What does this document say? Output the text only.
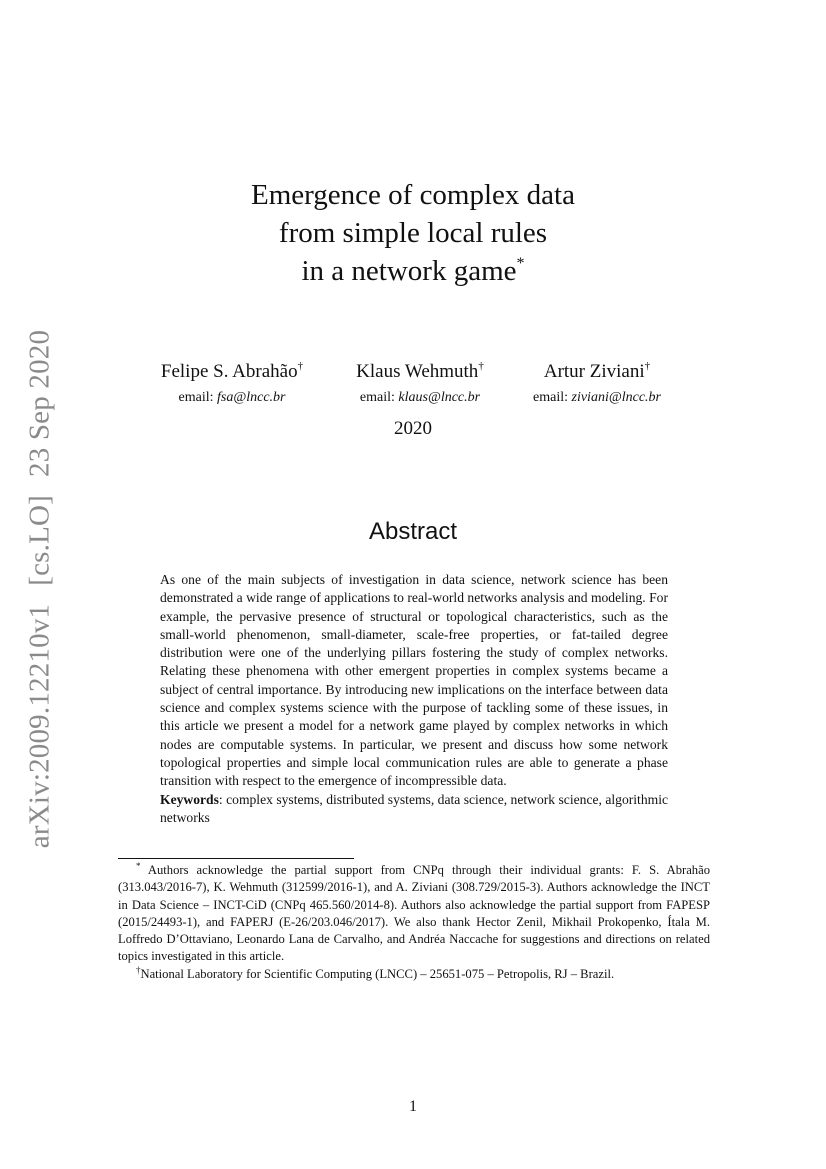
arXiv:2009.12210v1[cs.LO]23 Sep 2020
Emergence of complex data
from simple local rules
in a network game*
Felipe S. Abrahão†
email: fsa@lncc.br
Klaus Wehmuth†
email: klaus@lncc.br
Artur Ziviani†
email: ziviani@lncc.br
2020
Abstract

As one of the main subjects of investigation in data science, network science has been demonstrated a wide range of applications to real-world networks analysis and modeling. For example, the pervasive presence of structural or topological characteristics, such as the small-world phenomenon, small-diameter, scale-free properties, or fat-tailed degree distribution were one of the underlying pillars fostering the study of complex networks. Relating these phenomena with other emergent properties in complex systems became a subject of central importance. By introducing new implications on the interface between data science and complex systems science with the purpose of tackling some of these issues, in this article we present a model for a network game played by complex networks in which nodes are computable systems. In particular, we present and discuss how some network topological properties and simple local communication rules are able to generate a phase transition with respect to the emergence of incompressible data.

Keywords: complex systems, distributed systems, data science, network science, algorithmic networks

* Authors acknowledge the partial support from CNPq through their individual grants: F. S. Abrahão (313.043/2016-7), K. Wehmuth (312599/2016-1), and A. Ziviani (308.729/2015-3). Authors acknowledge the INCT in Data Science – INCT-CiD (CNPq 465.560/2014-8). Authors also acknowledge the partial support from FAPESP (2015/24493-1), and FAPERJ (E-26/203.046/2017). We also thank Hector Zenil, Mikhail Prokopenko, Ítala M. Loffredo D’Ottaviano, Leonardo Lana de Carvalho, and Andréa Naccache for suggestions and directions on related topics investigated in this article.

†National Laboratory for Scientific Computing (LNCC) – 25651-075 – Petropolis, RJ – Brazil.

1
